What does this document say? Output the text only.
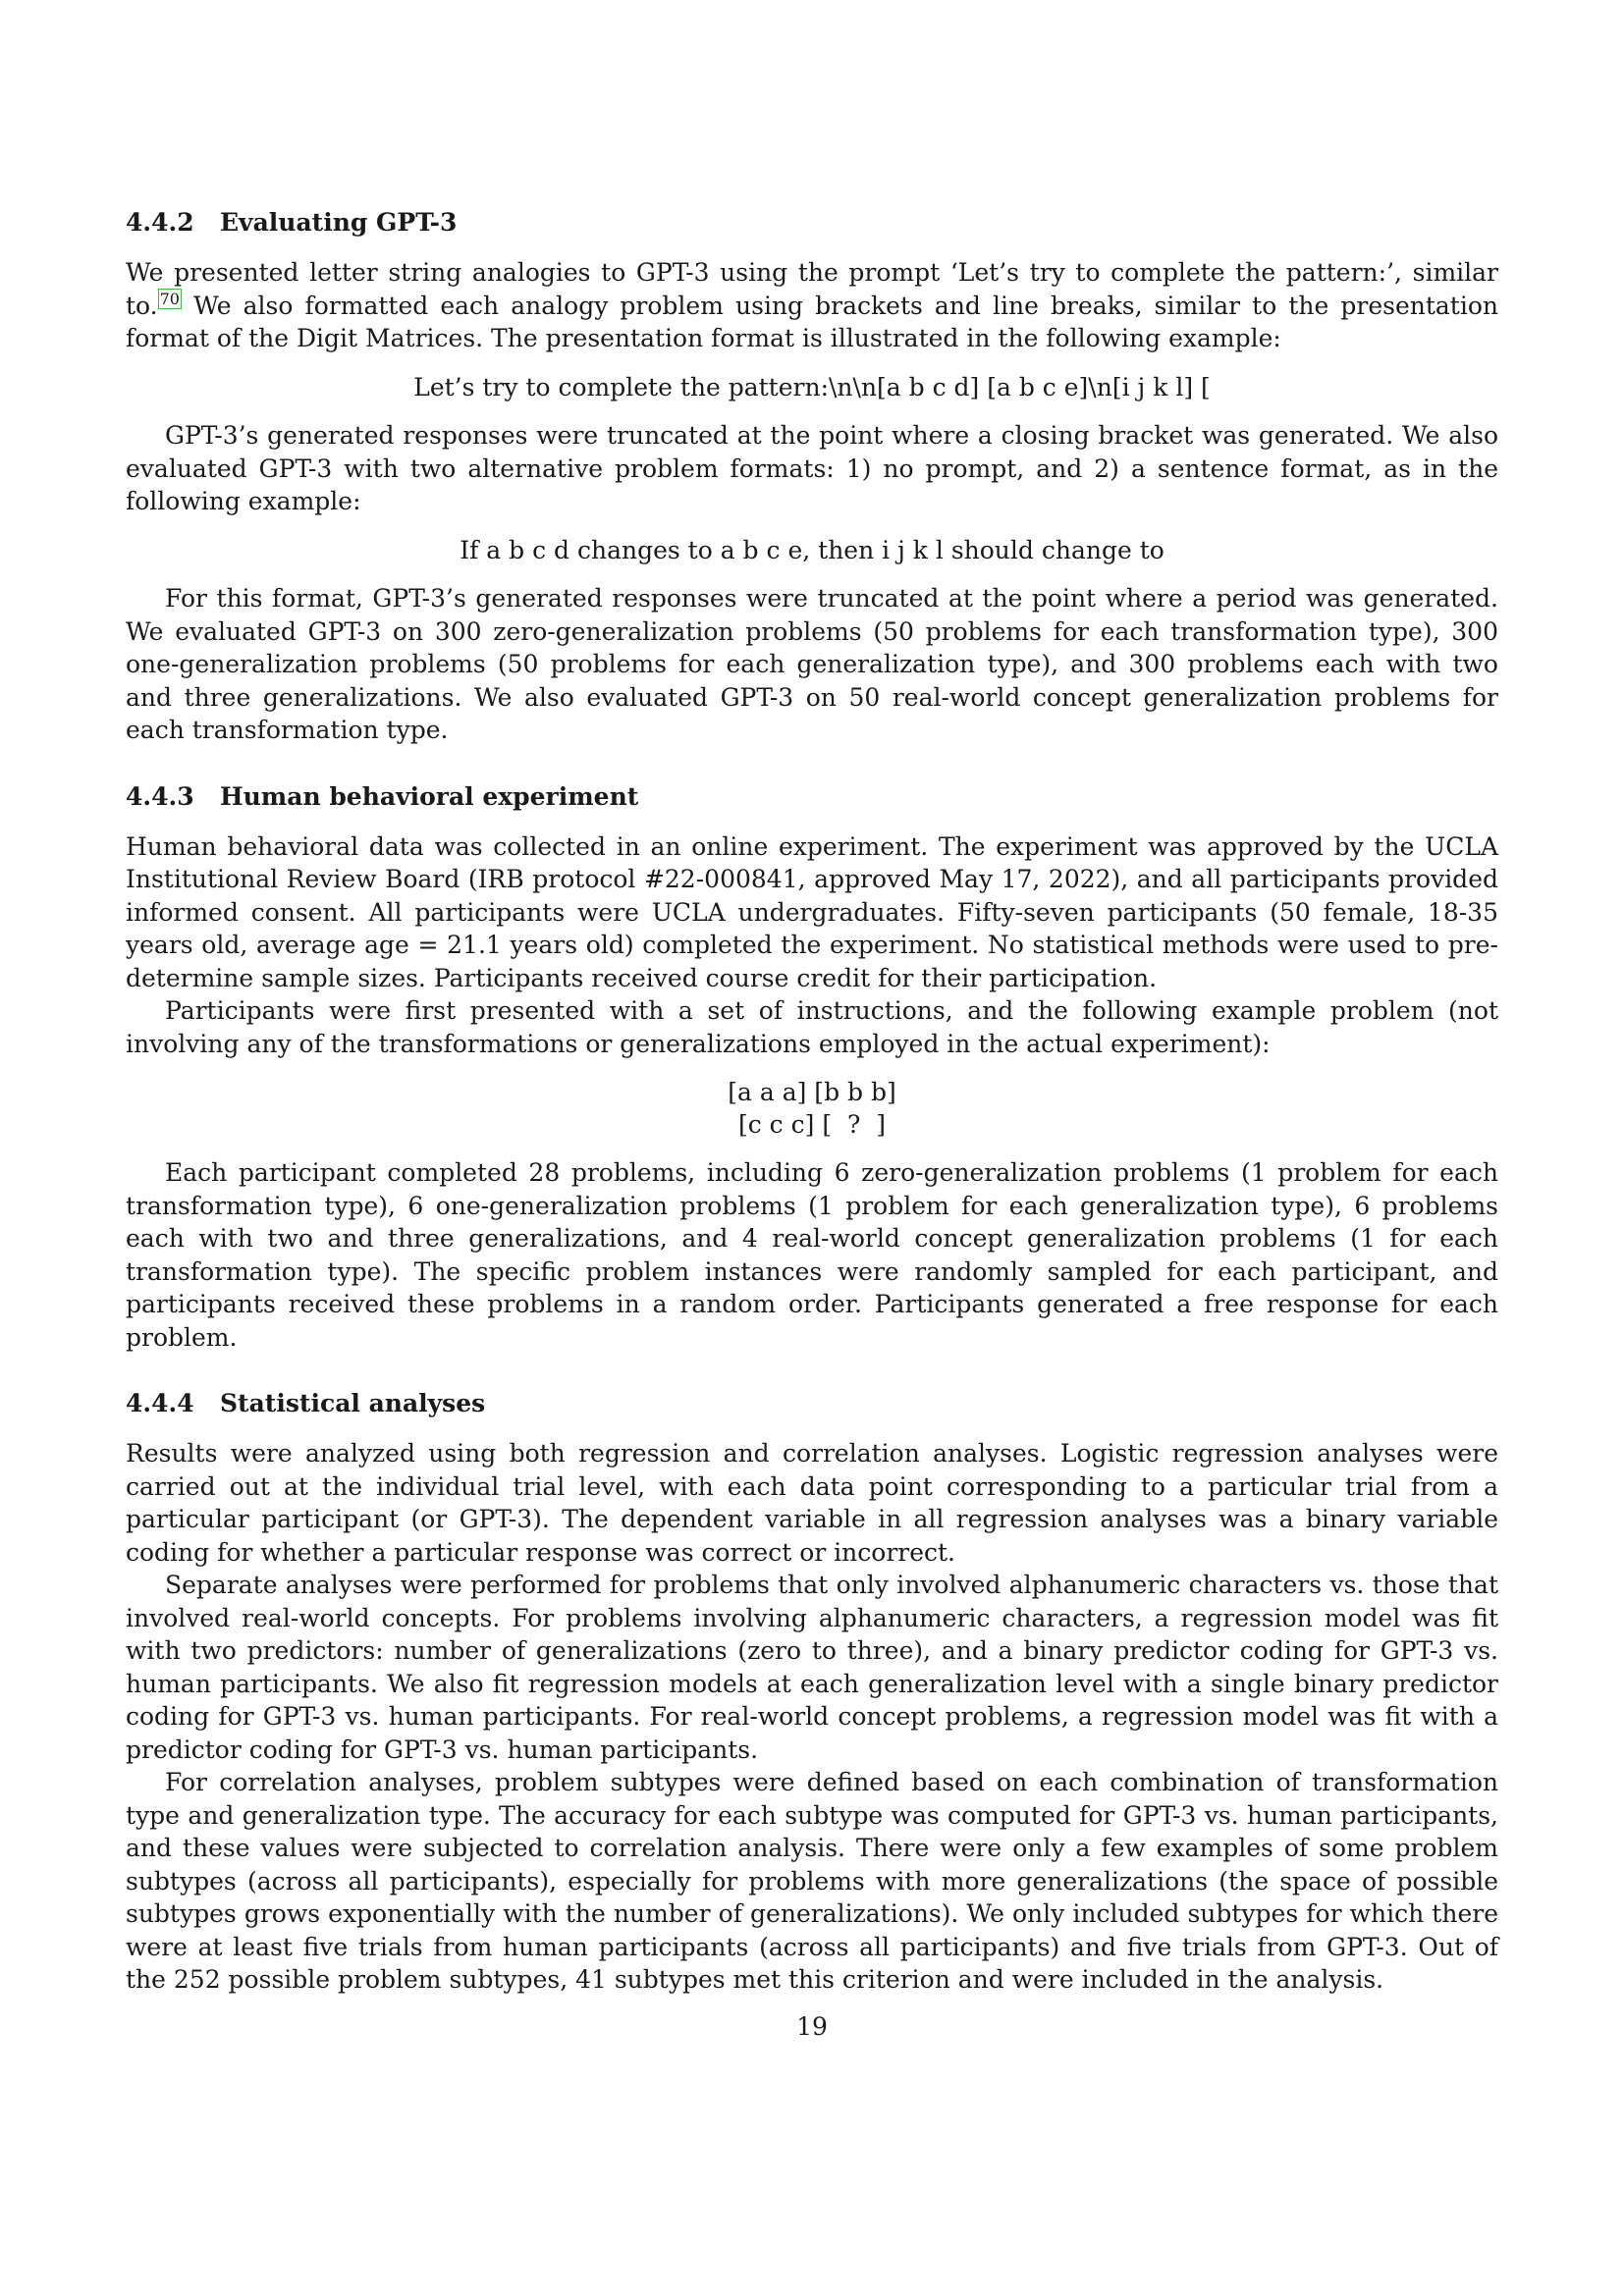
4.4.2 Evaluating GPT-3

We presented letter string analogies to GPT-3 using the prompt ‘Let’s try to complete the pattern:’, similar to. $^{70}$ We also formatted each analogy problem using brackets and line breaks, similar to the presentation format of the Digit Matrices. The presentation format is illustrated in the following example:

Let’s try to complete the pattern:\n\n[a b c d] [a b c e]\n[i j k l] [

GPT-3’s generated responses were truncated at the point where a closing bracket was generated. We also evaluated GPT-3 with two alternative problem formats: 1) no prompt, and 2) a sentence format, as in the following example:

If a b c d changes to a b c e, then i j k l should change to

For this format, GPT-3’s generated responses were truncated at the point where a period was generated. We evaluated GPT-3 on 300 zero-generalization problems (50 problems for each transformation type), 300 one-generalization problems (50 problems for each generalization type), and 300 problems each with two and three generalizations. We also evaluated GPT-3 on 50 real-world concept generalization problems for each transformation type.

4.4.3 Human behavioral experiment

Human behavioral data was collected in an online experiment. The experiment was approved by the UCLA Institutional Review Board (IRB protocol #22-000841, approved May 17, 2022), and all participants provided informed consent. All participants were UCLA undergraduates. Fifty-seven participants (50 female, 18-35 years old, average age = 21.1 years old) completed the experiment. No statistical methods were used to pre-determine sample sizes. Participants received course credit for their participation.

Participants were first presented with a set of instructions, and the following example problem (not involving any of the transformations or generalizations employed in the actual experiment):

[a a a] [b b b]
[c c c] [  ?  ]

Each participant completed 28 problems, including 6 zero-generalization problems (1 problem for each transformation type), 6 one-generalization problems (1 problem for each generalization type), 6 problems each with two and three generalizations, and 4 real-world concept generalization problems (1 for each transformation type). The specific problem instances were randomly sampled for each participant, and participants received these problems in a random order. Participants generated a free response for each problem.

4.4.4 Statistical analyses

Results were analyzed using both regression and correlation analyses. Logistic regression analyses were carried out at the individual trial level, with each data point corresponding to a particular trial from a particular participant (or GPT-3). The dependent variable in all regression analyses was a binary variable coding for whether a particular response was correct or incorrect.

Separate analyses were performed for problems that only involved alphanumeric characters vs. those that involved real-world concepts. For problems involving alphanumeric characters, a regression model was fit with two predictors: number of generalizations (zero to three), and a binary predictor coding for GPT-3 vs. human participants. We also fit regression models at each generalization level with a single binary predictor coding for GPT-3 vs. human participants. For real-world concept problems, a regression model was fit with a predictor coding for GPT-3 vs. human participants.

For correlation analyses, problem subtypes were defined based on each combination of transformation type and generalization type. The accuracy for each subtype was computed for GPT-3 vs. human participants, and these values were subjected to correlation analysis. There were only a few examples of some problem subtypes (across all participants), especially for problems with more generalizations (the space of possible subtypes grows exponentially with the number of generalizations). We only included subtypes for which there were at least five trials from human participants (across all participants) and five trials from GPT-3. Out of the 252 possible problem subtypes, 41 subtypes met this criterion and were included in the analysis.

19
